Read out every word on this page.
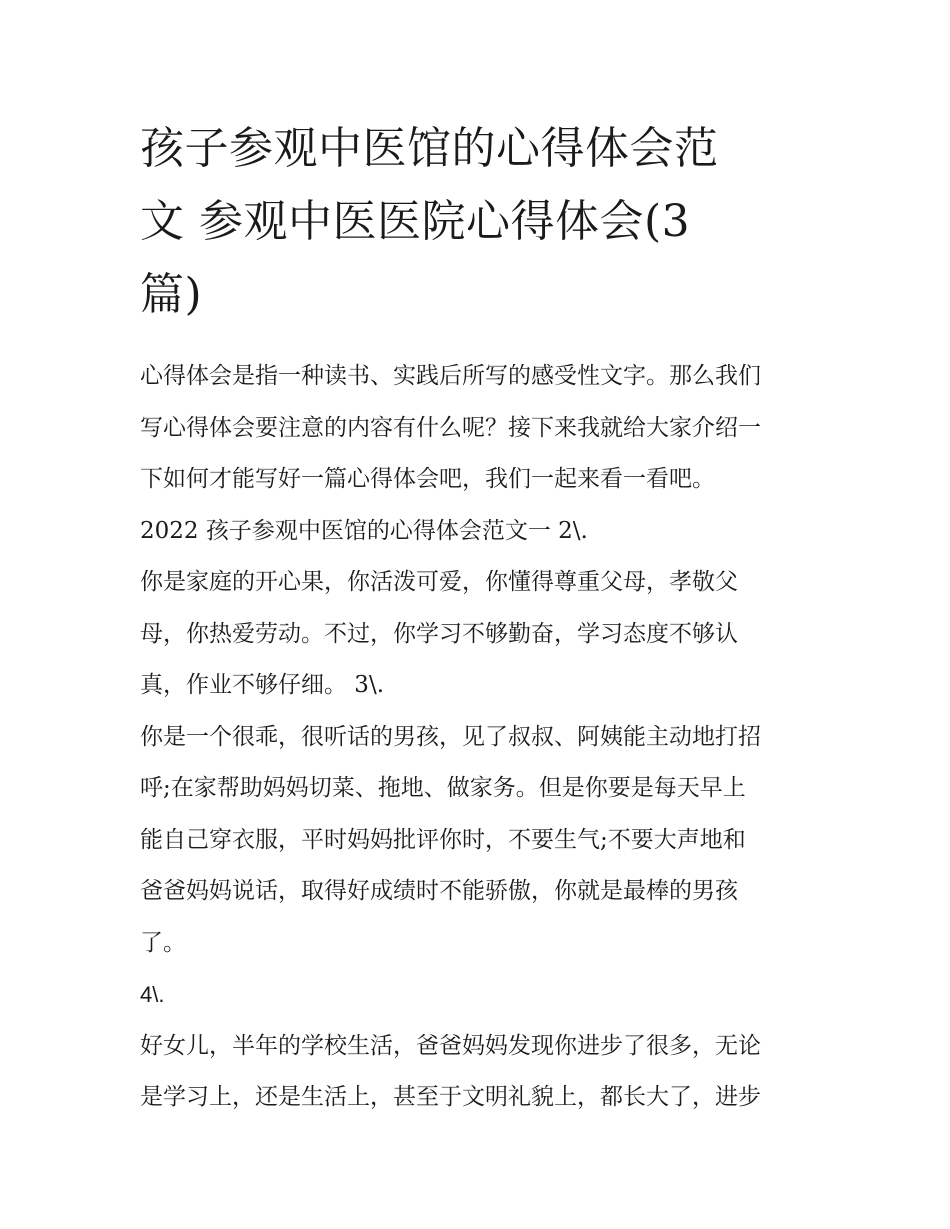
孩子参观中医馆的心得体会范
文 参观中医医院心得体会(3
篇)
心得体会是指一种读书、实践后所写的感受性文字。那么我们
写心得体会要注意的内容有什么呢？接下来我就给大家介绍一
下如何才能写好一篇心得体会吧，我们一起来看一看吧。
2022 孩子参观中医馆的心得体会范文一 2\.
你是家庭的开心果，你活泼可爱，你懂得尊重父母，孝敬父
母，你热爱劳动。不过，你学习不够勤奋，学习态度不够认
真，作业不够仔细。 3\.
你是一个很乖，很听话的男孩，见了叔叔、阿姨能主动地打招
呼;在家帮助妈妈切菜、拖地、做家务。但是你要是每天早上
能自己穿衣服，平时妈妈批评你时，不要生气;不要大声地和
爸爸妈妈说话，取得好成绩时不能骄傲，你就是最棒的男孩
了。
4\.
好女儿，半年的学校生活，爸爸妈妈发现你进步了很多，无论
是学习上，还是生活上，甚至于文明礼貌上，都长大了，进步
